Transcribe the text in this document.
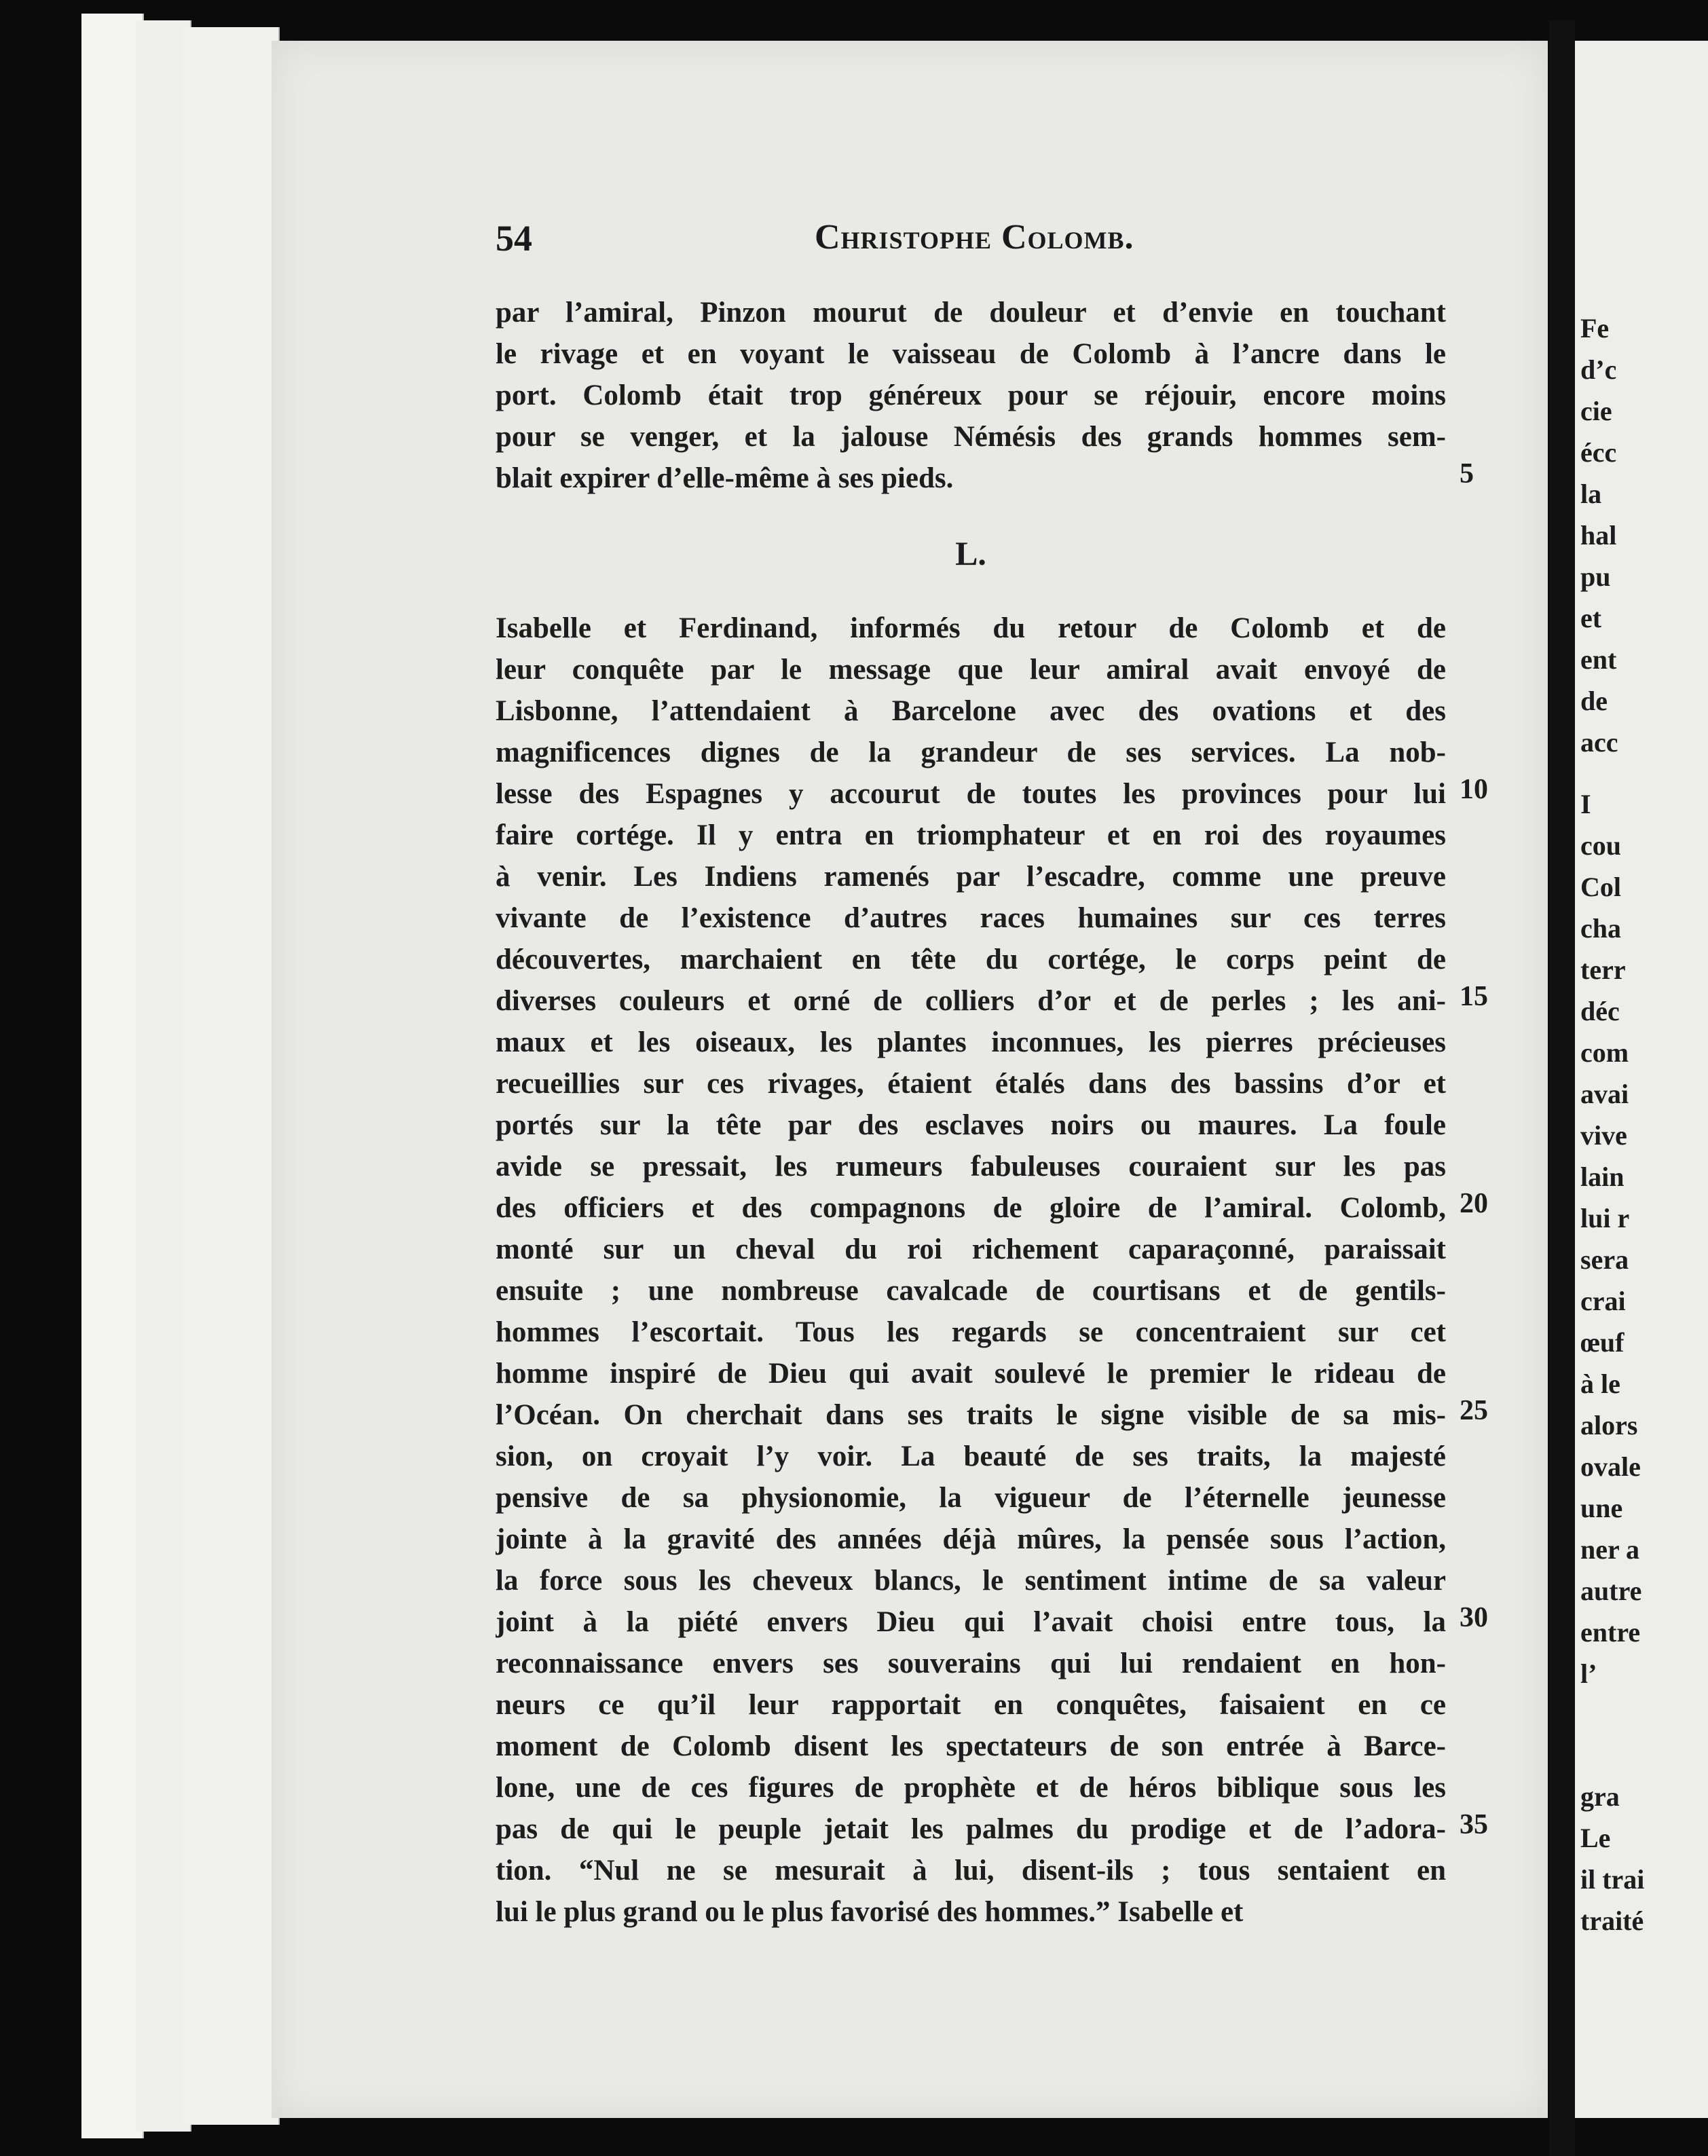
Fe
d’c
cie
écc
la
hal
pu
et
ent
de
acc
I
cou
Col
cha
terr
déc
com
avai
vive
lain
lui r
sera
crai
œuf
à le
alors
ovale
une
ner a
autre
entre
l’
gra
Le
il trai
traité
54	Christophe Colomb.
par l’amiral, Pinzon mourut de douleur et d’envie en touchant
le rivage et en voyant le vaisseau de Colomb à l’ancre dans le
port. Colomb était trop généreux pour se réjouir, encore moins
pour se venger, et la jalouse Némésis des grands hommes sem-
blait expirer d’elle-même à ses pieds.
L.
Isabelle et Ferdinand, informés du retour de Colomb et de
leur conquête par le message que leur amiral avait envoyé de
Lisbonne, l’attendaient à Barcelone avec des ovations et des
magnificences dignes de la grandeur de ses services. La nob-
lesse des Espagnes y accourut de toutes les provinces pour lui
faire cortége. Il y entra en triomphateur et en roi des royaumes
à venir. Les Indiens ramenés par l’escadre, comme une preuve
vivante de l’existence d’autres races humaines sur ces terres
découvertes, marchaient en tête du cortége, le corps peint de
diverses couleurs et orné de colliers d’or et de perles ; les ani-
maux et les oiseaux, les plantes inconnues, les pierres précieuses
recueillies sur ces rivages, étaient étalés dans des bassins d’or et
portés sur la tête par des esclaves noirs ou maures. La foule
avide se pressait, les rumeurs fabuleuses couraient sur les pas
des officiers et des compagnons de gloire de l’amiral. Colomb,
monté sur un cheval du roi richement caparaçonné, paraissait
ensuite ; une nombreuse cavalcade de courtisans et de gentils-
hommes l’escortait. Tous les regards se concentraient sur cet
homme inspiré de Dieu qui avait soulevé le premier le rideau de
l’Océan. On cherchait dans ses traits le signe visible de sa mis-
sion, on croyait l’y voir. La beauté de ses traits, la majesté
pensive de sa physionomie, la vigueur de l’éternelle jeunesse
jointe à la gravité des années déjà mûres, la pensée sous l’action,
la force sous les cheveux blancs, le sentiment intime de sa valeur
joint à la piété envers Dieu qui l’avait choisi entre tous, la
reconnaissance envers ses souverains qui lui rendaient en hon-
neurs ce qu’il leur rapportait en conquêtes, faisaient en ce
moment de Colomb disent les spectateurs de son entrée à Barce-
lone, une de ces figures de prophète et de héros biblique sous les
pas de qui le peuple jetait les palmes du prodige et de l’adora-
tion. “Nul ne se mesurait à lui, disent-ils ; tous sentaient en
lui le plus grand ou le plus favorisé des hommes.” Isabelle et
5
10
15
20
25
30
35
